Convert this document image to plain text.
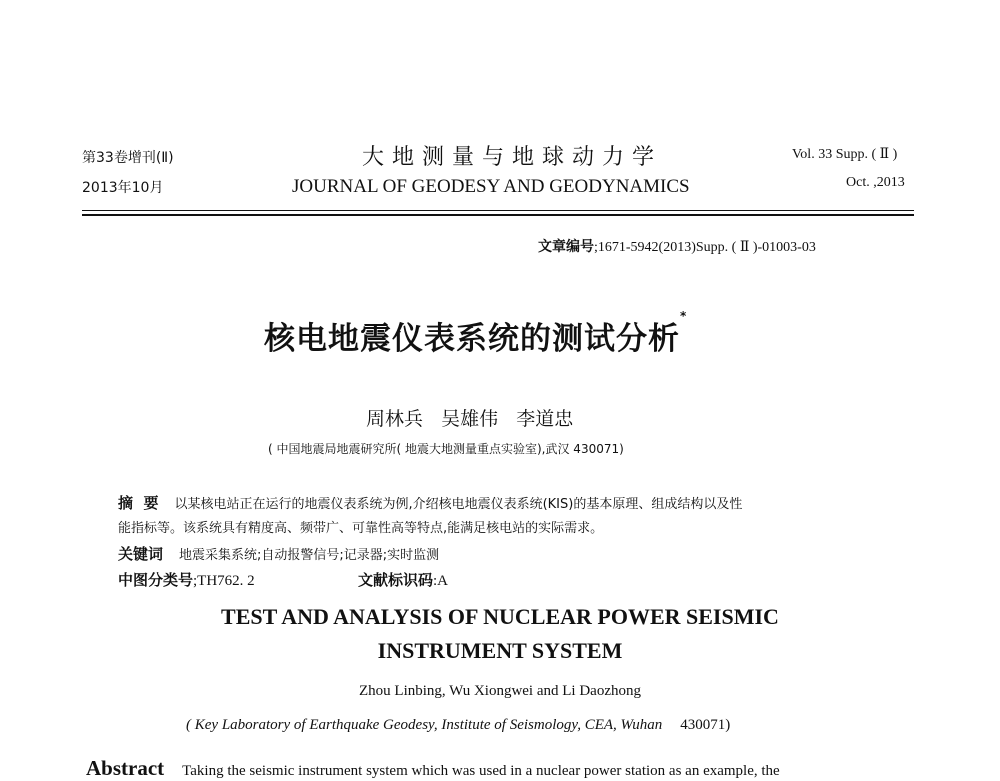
第33卷增刊(Ⅱ)
2013年10月
大地测量与地球动力学
JOURNAL OF GEODESY AND GEODYNAMICS
Vol. 33 Supp. ( Ⅱ )
Oct. ,2013
文章编号;1671-5942(2013)Supp. ( Ⅱ )-01003-03
核电地震仪表系统的测试分析*
周林兵   吴雄伟   李道忠
( 中国地震局地震研究所( 地震大地测量重点实验室),武汉 430071)
摘  要 以某核电站正在运行的地震仪表系统为例,介绍核电地震仪表系统(KIS)的基本原理、组成结构以及性
能指标等。该系统具有精度高、频带广、可靠性高等特点,能满足核电站的实际需求。
关键词 地震采集系统;自动报警信号;记录器;实时监测
中图分类号;TH762. 2	文献标识码:A
TEST AND ANALYSIS OF NUCLEAR POWER SEISMIC
INSTRUMENT SYSTEM
Zhou Linbing, Wu Xiongwei and Li Daozhong
( Key Laboratory of Earthquake Geodesy, Institute of Seismology, CEA, Wuhan 430071)
Abstract Taking the seismic instrument system which was used in a nuclear power station as an example, the
